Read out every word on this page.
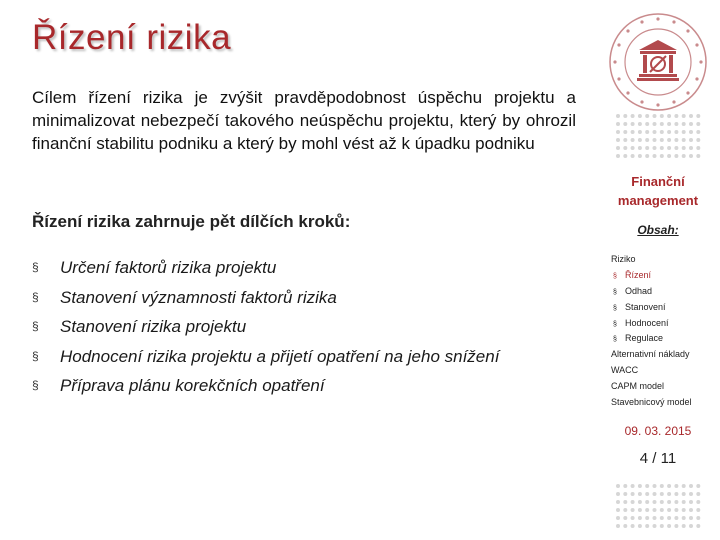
Řízení rizika
Cílem řízení rizika je zvýšit pravděpodobnost úspěchu projektu a minimalizovat nebezpečí takového neúspěchu projektu, který by ohrozil finanční stabilitu podniku a který by mohl vést až k úpadku podniku
Řízení rizika zahrnuje pět dílčích kroků:
§	Určení faktorů rizika projektu
§	Stanovení významnosti faktorů rizika
§	Stanovení rizika projektu
§	Hodnocení rizika projektu a přijetí opatření na jeho snížení
§	Příprava plánu korekčních opatření
Finanční
management
Obsah:
Riziko
§ Řízení
§ Odhad
§ Stanovení
§ Hodnocení
§ Regulace
Alternativní náklady
WACC
CAPM model
Stavebnicový model
09. 03. 2015
4 / 11
